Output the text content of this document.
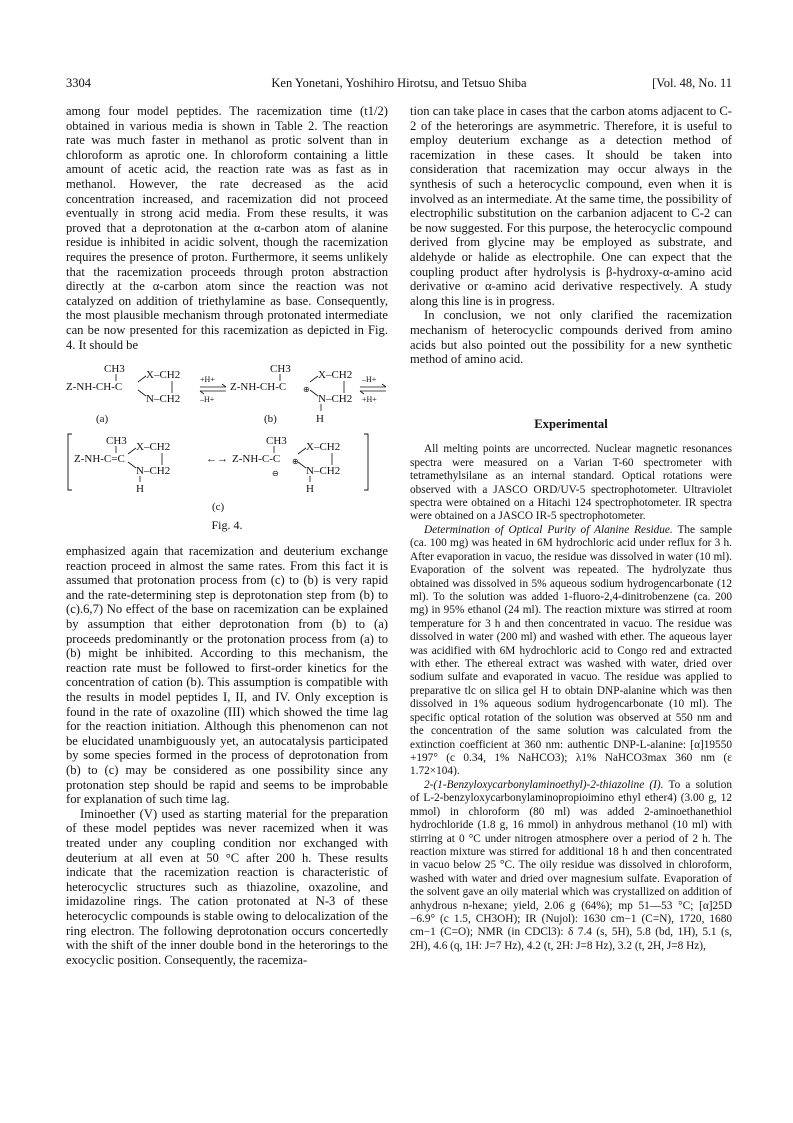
3304	Ken Yonetani, Yoshihiro Hirotsu, and Tetsuo Shiba	[Vol. 48, No. 11

among four model peptides. The racemization time (t1/2) obtained in various media is shown in Table 2. The reaction rate was much faster in methanol as protic solvent than in chloroform as aprotic one. In chloroform containing a little amount of acetic acid, the reaction rate was as fast as in methanol. However, the rate decreased as the acid concentration increased, and racemization did not proceed eventually in strong acid media. From these results, it was proved that a deprotonation at the α-carbon atom of alanine residue is inhibited in acidic solvent, though the racemization requires the presence of proton. Furthermore, it seems unlikely that the racemization proceeds through proton abstraction directly at the α-carbon atom since the reaction was not catalyzed on addition of triethylamine as base. Consequently, the most plausible mechanism through protonated intermediate can be now presented for this racemization as depicted in Fig. 4. It should be

CH3
Z-NH-CH-C
X–CH2
N–CH2
(a)
+H+
–H+
CH3
Z-NH-CH-C ⊕
X–CH2
N–CH2
H
(b)
–H+
+H+
CH3
Z-NH-C=C
X–CH2
N–CH2
H
←→
CH3
Z-NH-C-C ⊕
⊖
X–CH2
N–CH2
H
(c)
Fig. 4.

emphasized again that racemization and deuterium exchange reaction proceed in almost the same rates. From this fact it is assumed that protonation process from (c) to (b) is very rapid and the rate-determining step is deprotonation step from (b) to (c).6,7) No effect of the base on racemization can be explained by assumption that either deprotonation from (b) to (a) proceeds predominantly or the protonation process from (a) to (b) might be inhibited. According to this mechanism, the reaction rate must be followed to first-order kinetics for the concentration of cation (b). This assumption is compatible with the results in model peptides I, II, and IV. Only exception is found in the rate of oxazoline (III) which showed the time lag for the reaction initiation. Although this phenomenon can not be elucidated unambiguously yet, an autocatalysis participated by some species formed in the process of deprotonation from (b) to (c) may be considered as one possibility since any protonation step should be rapid and seems to be improbable for explanation of such time lag.

Iminoether (V) used as starting material for the preparation of these model peptides was never racemized when it was treated under any coupling condition nor exchanged with deuterium at all even at 50 °C after 200 h. These results indicate that the racemization reaction is characteristic of heterocyclic structures such as thiazoline, oxazoline, and imidazoline rings. The cation protonated at N-3 of these heterocyclic compounds is stable owing to delocalization of the ring electron. The following deprotonation occurs concertedly with the shift of the inner double bond in the heterorings to the exocyclic position. Consequently, the racemiza-

tion can take place in cases that the carbon atoms adjacent to C-2 of the heterorings are asymmetric. Therefore, it is useful to employ deuterium exchange as a detection method of racemization in these cases. It should be taken into consideration that racemization may occur always in the synthesis of such a heterocyclic compound, even when it is involved as an intermediate. At the same time, the possibility of electrophilic substitution on the carbanion adjacent to C-2 can be now suggested. For this purpose, the heterocyclic compound derived from glycine may be employed as substrate, and aldehyde or halide as electrophile. One can expect that the coupling product after hydrolysis is β-hydroxy-α-amino acid derivative or α-amino acid derivative respectively. A study along this line is in progress.

In conclusion, we not only clarified the racemization mechanism of heterocyclic compounds derived from amino acids but also pointed out the possibility for a new synthetic method of amino acid.

Experimental

All melting points are uncorrected. Nuclear magnetic resonances spectra were measured on a Varian T-60 spectrometer with tetramethylsilane as an internal standard. Optical rotations were observed with a JASCO ORD/UV-5 spectrophotometer. Ultraviolet spectra were obtained on a Hitachi 124 spectrophotometer. IR spectra were obtained on a JASCO IR-5 spectrophotometer.

Determination of Optical Purity of Alanine Residue. The sample (ca. 100 mg) was heated in 6M hydrochloric acid under reflux for 3 h. After evaporation in vacuo, the residue was dissolved in water (10 ml). Evaporation of the solvent was repeated. The hydrolyzate thus obtained was dissolved in 5% aqueous sodium hydrogencarbonate (12 ml). To the solution was added 1-fluoro-2,4-dinitrobenzene (ca. 200 mg) in 95% ethanol (24 ml). The reaction mixture was stirred at room temperature for 3 h and then concentrated in vacuo. The residue was dissolved in water (200 ml) and washed with ether. The aqueous layer was acidified with 6M hydrochloric acid to Congo red and extracted with ether. The ethereal extract was washed with water, dried over sodium sulfate and evaporated in vacuo. The residue was applied to preparative tlc on silica gel H to obtain DNP-alanine which was then dissolved in 1% aqueous sodium hydrogencarbonate (10 ml). The specific optical rotation of the solution was observed at 550 nm and the concentration of the same solution was calculated from the extinction coefficient at 360 nm: authentic DNP-L-alanine: [α]19550 +197° (c 0.34, 1% NaHCO3); λ1% NaHCO3max 360 nm (ε 1.72×104).

2-(1-Benzyloxycarbonylaminoethyl)-2-thiazoline (I). To a solution of L-2-benzyloxycarbonylaminopropioimino ethyl ether4) (3.00 g, 12 mmol) in chloroform (80 ml) was added 2-aminoethanethiol hydrochloride (1.8 g, 16 mmol) in anhydrous methanol (10 ml) with stirring at 0 °C under nitrogen atmosphere over a period of 2 h. The reaction mixture was stirred for additional 18 h and then concentrated in vacuo below 25 °C. The oily residue was dissolved in chloroform, washed with water and dried over magnesium sulfate. Evaporation of the solvent gave an oily material which was crystallized on addition of anhydrous n-hexane; yield, 2.06 g (64%); mp 51—53 °C; [α]25D −6.9° (c 1.5, CH3OH); IR (Nujol): 1630 cm−1 (C=N), 1720, 1680 cm−1 (C=O); NMR (in CDCl3): δ 7.4 (s, 5H), 5.8 (bd, 1H), 5.1 (s, 2H), 4.6 (q, 1H: J=7 Hz), 4.2 (t, 2H: J=8 Hz), 3.2 (t, 2H, J=8 Hz),
